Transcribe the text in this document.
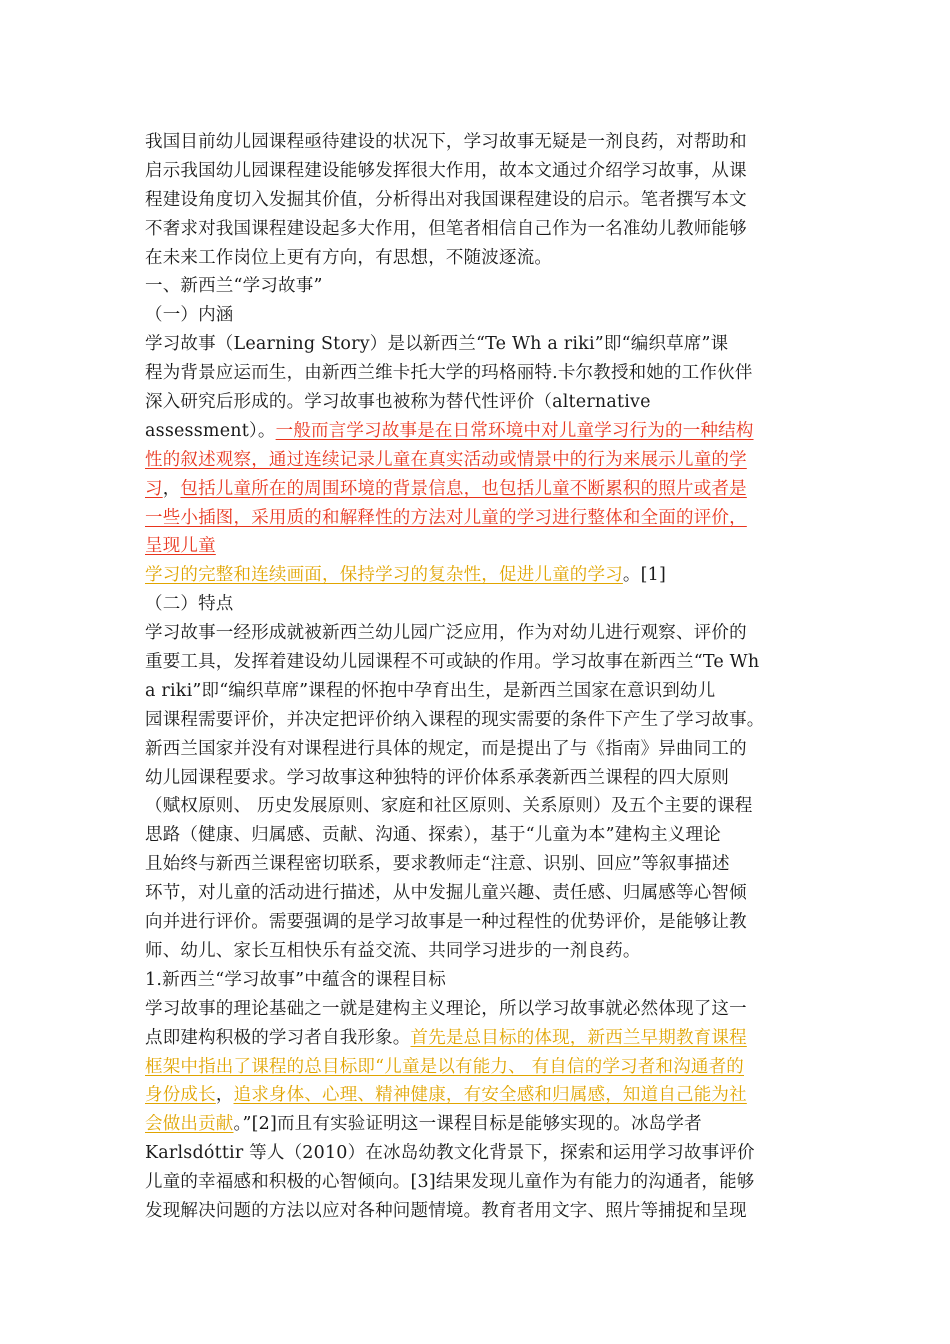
我国目前幼儿园课程亟待建设的状况下，学习故事无疑是一剂良药，对帮助和
启示我国幼儿园课程建设能够发挥很大作用，故本文通过介绍学习故事，从课
程建设角度切入发掘其价值，分析得出对我国课程建设的启示。笔者撰写本文
不奢求对我国课程建设起多大作用，但笔者相信自己作为一名准幼儿教师能够
在未来工作岗位上更有方向，有思想，不随波逐流。
一、新西兰“学习故事”
（一）内涵
学习故事（Learning Story）是以新西兰“Te Wh a riki”即“编织草席”课
程为背景应运而生，由新西兰维卡托大学的玛格丽特.卡尔教授和她的工作伙伴
深入研究后形成的。学习故事也被称为替代性评价（alternative
assessment）。一般而言学习故事是在日常环境中对儿童学习行为的一种结构
性的叙述观察，通过连续记录儿童在真实活动或情景中的行为来展示儿童的学
习，包括儿童所在的周围环境的背景信息，也包括儿童不断累积的照片或者是
一些小插图，采用质的和解释性的方法对儿童的学习进行整体和全面的评价，
呈现儿童
学习的完整和连续画面，保持学习的复杂性，促进儿童的学习。[1]
（二）特点
学习故事一经形成就被新西兰幼儿园广泛应用，作为对幼儿进行观察、评价的
重要工具，发挥着建设幼儿园课程不可或缺的作用。学习故事在新西兰“Te Wh
a riki”即“编织草席”课程的怀抱中孕育出生，是新西兰国家在意识到幼儿
园课程需要评价，并决定把评价纳入课程的现实需要的条件下产生了学习故事。
新西兰国家并没有对课程进行具体的规定，而是提出了与《指南》异曲同工的
幼儿园课程要求。学习故事这种独特的评价体系承袭新西兰课程的四大原则
（赋权原则、 历史发展原则、家庭和社区原则、关系原则）及五个主要的课程
思路（健康、归属感、贡献、沟通、探索），基于“儿童为本”建构主义理论
且始终与新西兰课程密切联系，要求教师走“注意、识别、回应”等叙事描述
环节，对儿童的活动进行描述，从中发掘儿童兴趣、责任感、归属感等心智倾
向并进行评价。需要强调的是学习故事是一种过程性的优势评价，是能够让教
师、幼儿、家长互相快乐有益交流、共同学习进步的一剂良药。
1.新西兰“学习故事”中蕴含的课程目标
学习故事的理论基础之一就是建构主义理论，所以学习故事就必然体现了这一
点即建构积极的学习者自我形象。首先是总目标的体现，新西兰早期教育课程
框架中指出了课程的总目标即“儿童是以有能力、 有自信的学习者和沟通者的
身份成长，追求身体、心理、精神健康，有安全感和归属感，知道自己能为社
会做出贡献。”[2]而且有实验证明这一课程目标是能够实现的。冰岛学者
Karlsdóttir 等人（2010）在冰岛幼教文化背景下，探索和运用学习故事评价
儿童的幸福感和积极的心智倾向。[3]结果发现儿童作为有能力的沟通者，能够
发现解决问题的方法以应对各种问题情境。教育者用文字、照片等捕捉和呈现
